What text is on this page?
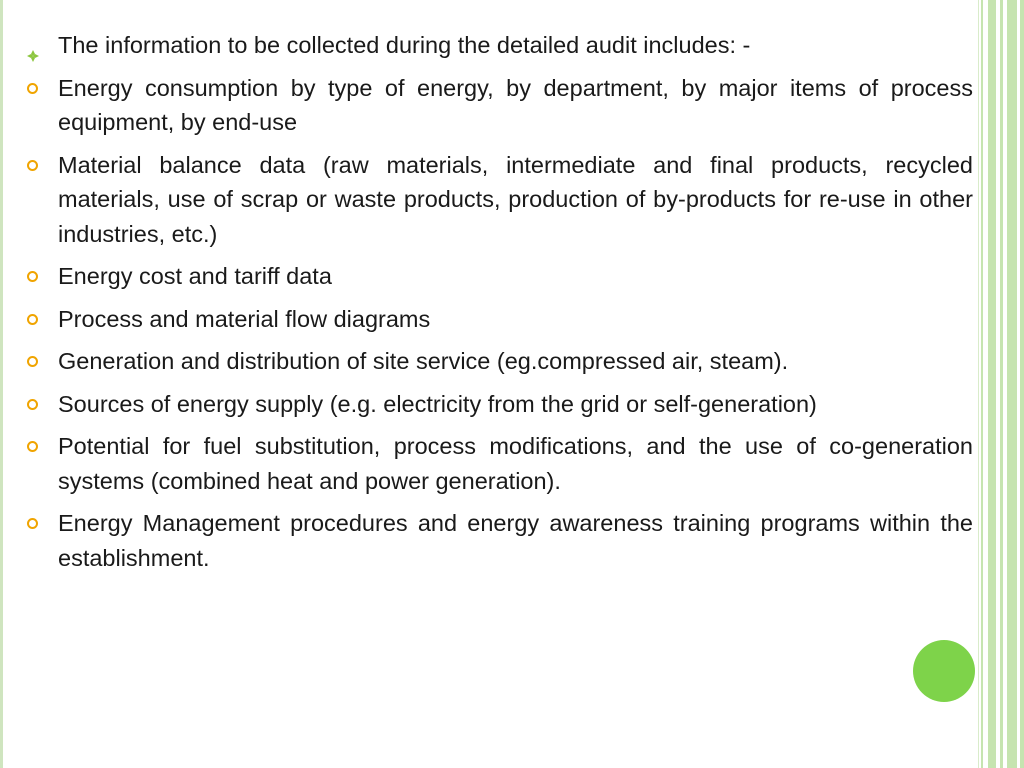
The information to be collected during the detailed audit includes: -
Energy consumption by type of energy, by department, by major items of process equipment, by end-use
Material balance data (raw materials, intermediate and final products, recycled materials, use of scrap or waste products, production of by-products for re-use in other industries, etc.)
Energy cost and tariff data
Process and material flow diagrams
Generation and distribution of site service (eg.compressed air, steam).
Sources of energy supply (e.g. electricity from the grid or self-generation)
Potential for fuel substitution, process modifications, and the use of co-generation systems (combined heat and power generation).
Energy Management procedures and energy awareness training programs within the establishment.
